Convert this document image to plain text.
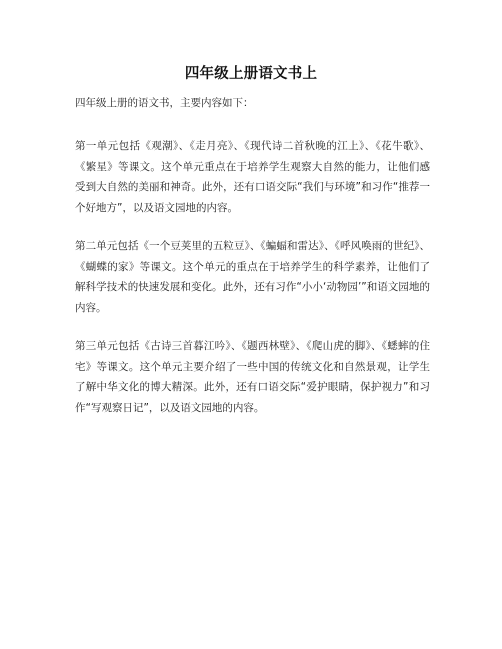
四年级上册语文书上
四年级上册的语文书，主要内容如下：
第一单元包括《观潮》、《走月亮》、《现代诗二首秋晚的江上》、《花牛歌》、《繁星》等课文。这个单元重点在于培养学生观察大自然的能力，让他们感受到大自然的美丽和神奇。此外，还有口语交际“我们与环境”和习作“推荐一个好地方”，以及语文园地的内容。
第二单元包括《一个豆荚里的五粒豆》、《蝙蝠和雷达》、《呼风唤雨的世纪》、《蝴蝶的家》等课文。这个单元的重点在于培养学生的科学素养，让他们了解科学技术的快速发展和变化。此外，还有习作“小小‘动物园’”和语文园地的内容。
第三单元包括《古诗三首暮江吟》、《题西林壁》、《爬山虎的脚》、《蟋蟀的住宅》等课文。这个单元主要介绍了一些中国的传统文化和自然景观，让学生了解中华文化的博大精深。此外，还有口语交际“爱护眼睛，保护视力”和习作“写观察日记”，以及语文园地的内容。
